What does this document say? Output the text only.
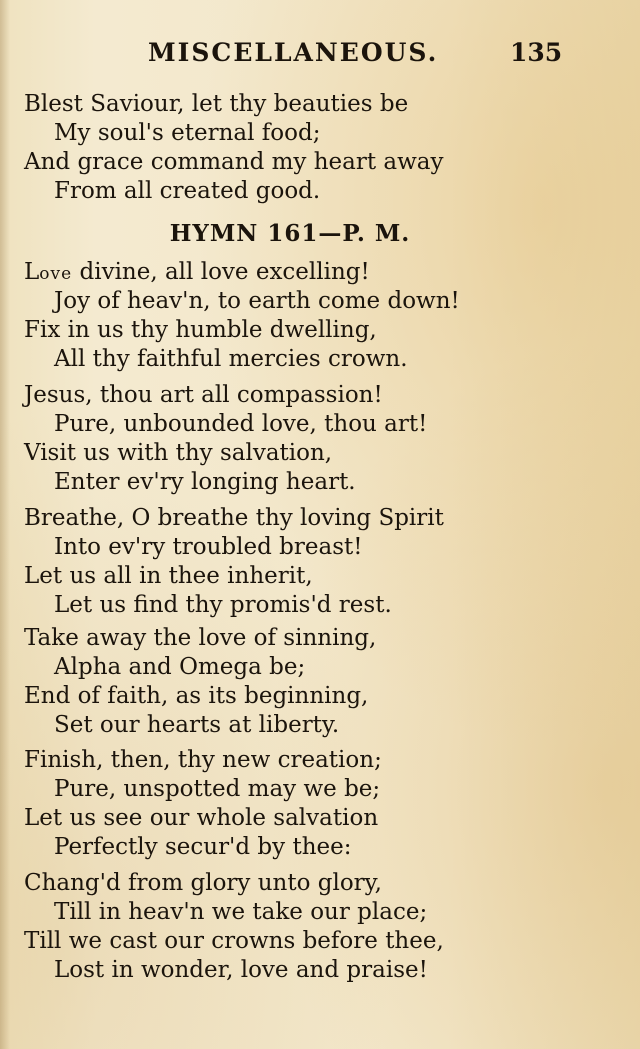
MISCELLANEOUS.	135
Blest Saviour, let thy beauties be
My soul's eternal food;
And grace command my heart away
From all created good.
HYMN 161—P. M.
Love divine, all love excelling!
Joy of heav'n, to earth come down!
Fix in us thy humble dwelling,
All thy faithful mercies crown.
Jesus, thou art all compassion!
Pure, unbounded love, thou art!
Visit us with thy salvation,
Enter ev'ry longing heart.
Breathe, O breathe thy loving Spirit
Into ev'ry troubled breast!
Let us all in thee inherit,
Let us find thy promis'd rest.
Take away the love of sinning,
Alpha and Omega be;
End of faith, as its beginning,
Set our hearts at liberty.
Finish, then, thy new creation;
Pure, unspotted may we be;
Let us see our whole salvation
Perfectly secur'd by thee:
Chang'd from glory unto glory,
Till in heav'n we take our place;
Till we cast our crowns before thee,
Lost in wonder, love and praise!
